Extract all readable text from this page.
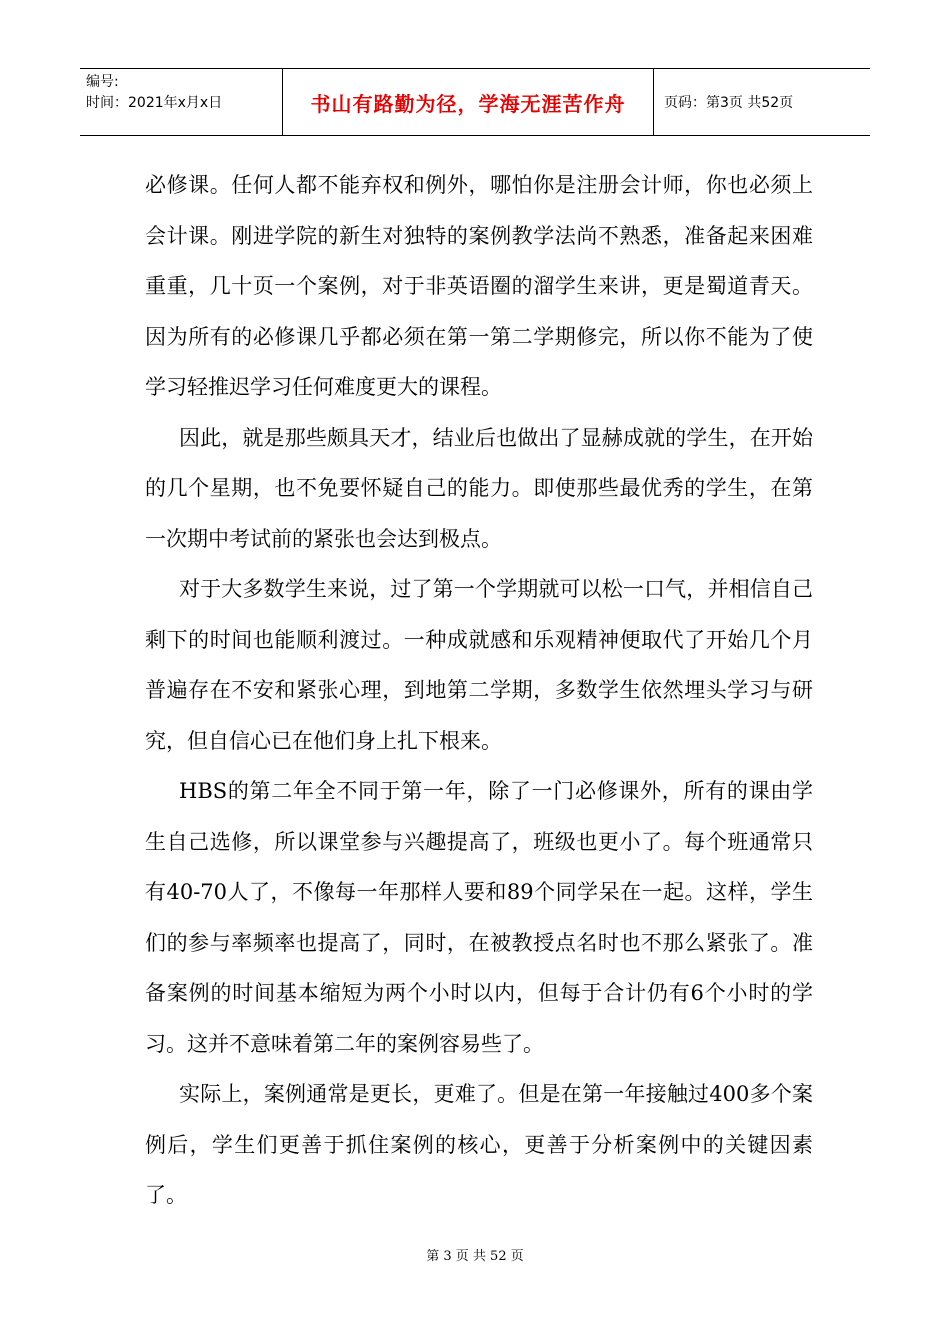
编号:
时间：2021年x月x日	书山有路勤为径，学海无涯苦作舟	页码：第3页 共52页

必修课。任何人都不能弃权和例外，哪怕你是注册会计师，你也必须上会计课。刚进学院的新生对独特的案例教学法尚不熟悉，准备起来困难重重，几十页一个案例，对于非英语圈的溜学生来讲，更是蜀道青天。因为所有的必修课几乎都必须在第一第二学期修完，所以你不能为了使学习轻推迟学习任何难度更大的课程。

因此，就是那些颇具天才，结业后也做出了显赫成就的学生，在开始的几个星期，也不免要怀疑自己的能力。即使那些最优秀的学生，在第一次期中考试前的紧张也会达到极点。

对于大多数学生来说，过了第一个学期就可以松一口气，并相信自己剩下的时间也能顺利渡过。一种成就感和乐观精神便取代了开始几个月普遍存在不安和紧张心理，到地第二学期，多数学生依然埋头学习与研究，但自信心已在他们身上扎下根来。

HBS的第二年全不同于第一年，除了一门必修课外，所有的课由学生自己选修，所以课堂参与兴趣提高了，班级也更小了。每个班通常只有40-70人了，不像每一年那样人要和89个同学呆在一起。这样，学生们的参与率频率也提高了，同时，在被教授点名时也不那么紧张了。准备案例的时间基本缩短为两个小时以内，但每于合计仍有6个小时的学习。这并不意味着第二年的案例容易些了。

实际上，案例通常是更长，更难了。但是在第一年接触过400多个案例后，学生们更善于抓住案例的核心，更善于分析案例中的关键因素了。

第 3 页 共 52 页
